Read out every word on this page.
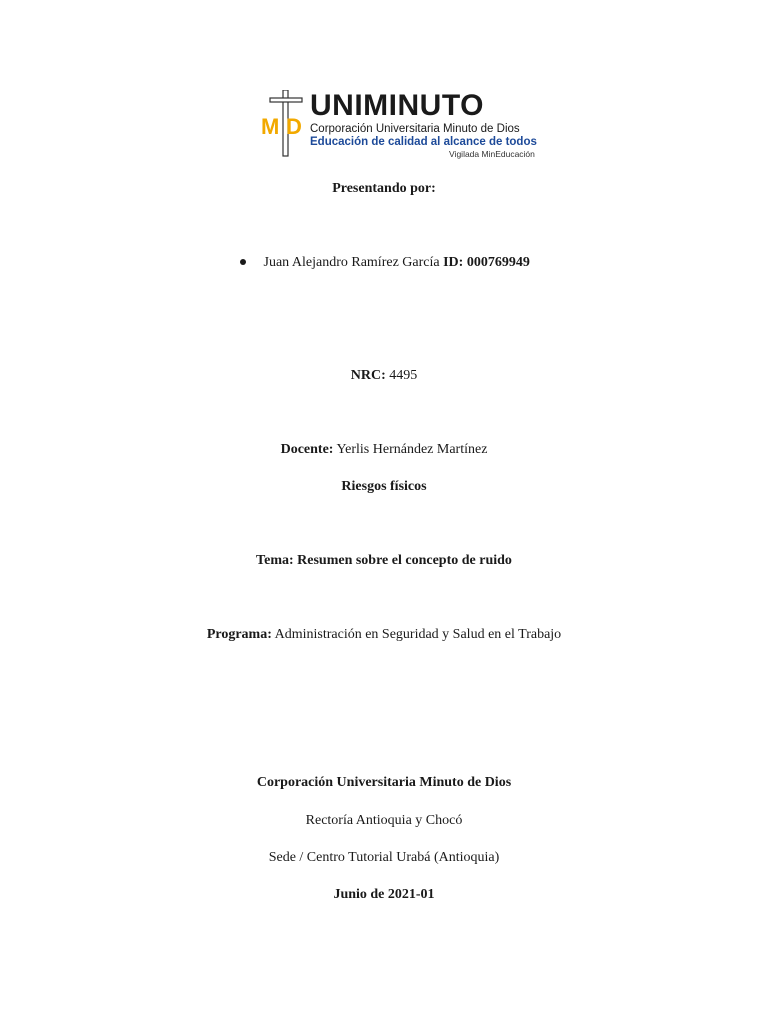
M D
UNIMINUTO
Corporación Universitaria Minuto de Dios
Educación de calidad al alcance de todos
Vigilada MinEducación
Presentando por:
Juan Alejandro Ramírez García ID: 000769949
NRC: 4495
Docente: Yerlis Hernández Martínez
Riesgos físicos
Tema: Resumen sobre el concepto de ruido
Programa: Administración en Seguridad y Salud en el Trabajo
Corporación Universitaria Minuto de Dios
Rectoría Antioquia y Chocó
Sede / Centro Tutorial Urabá (Antioquia)
Junio de 2021-01
